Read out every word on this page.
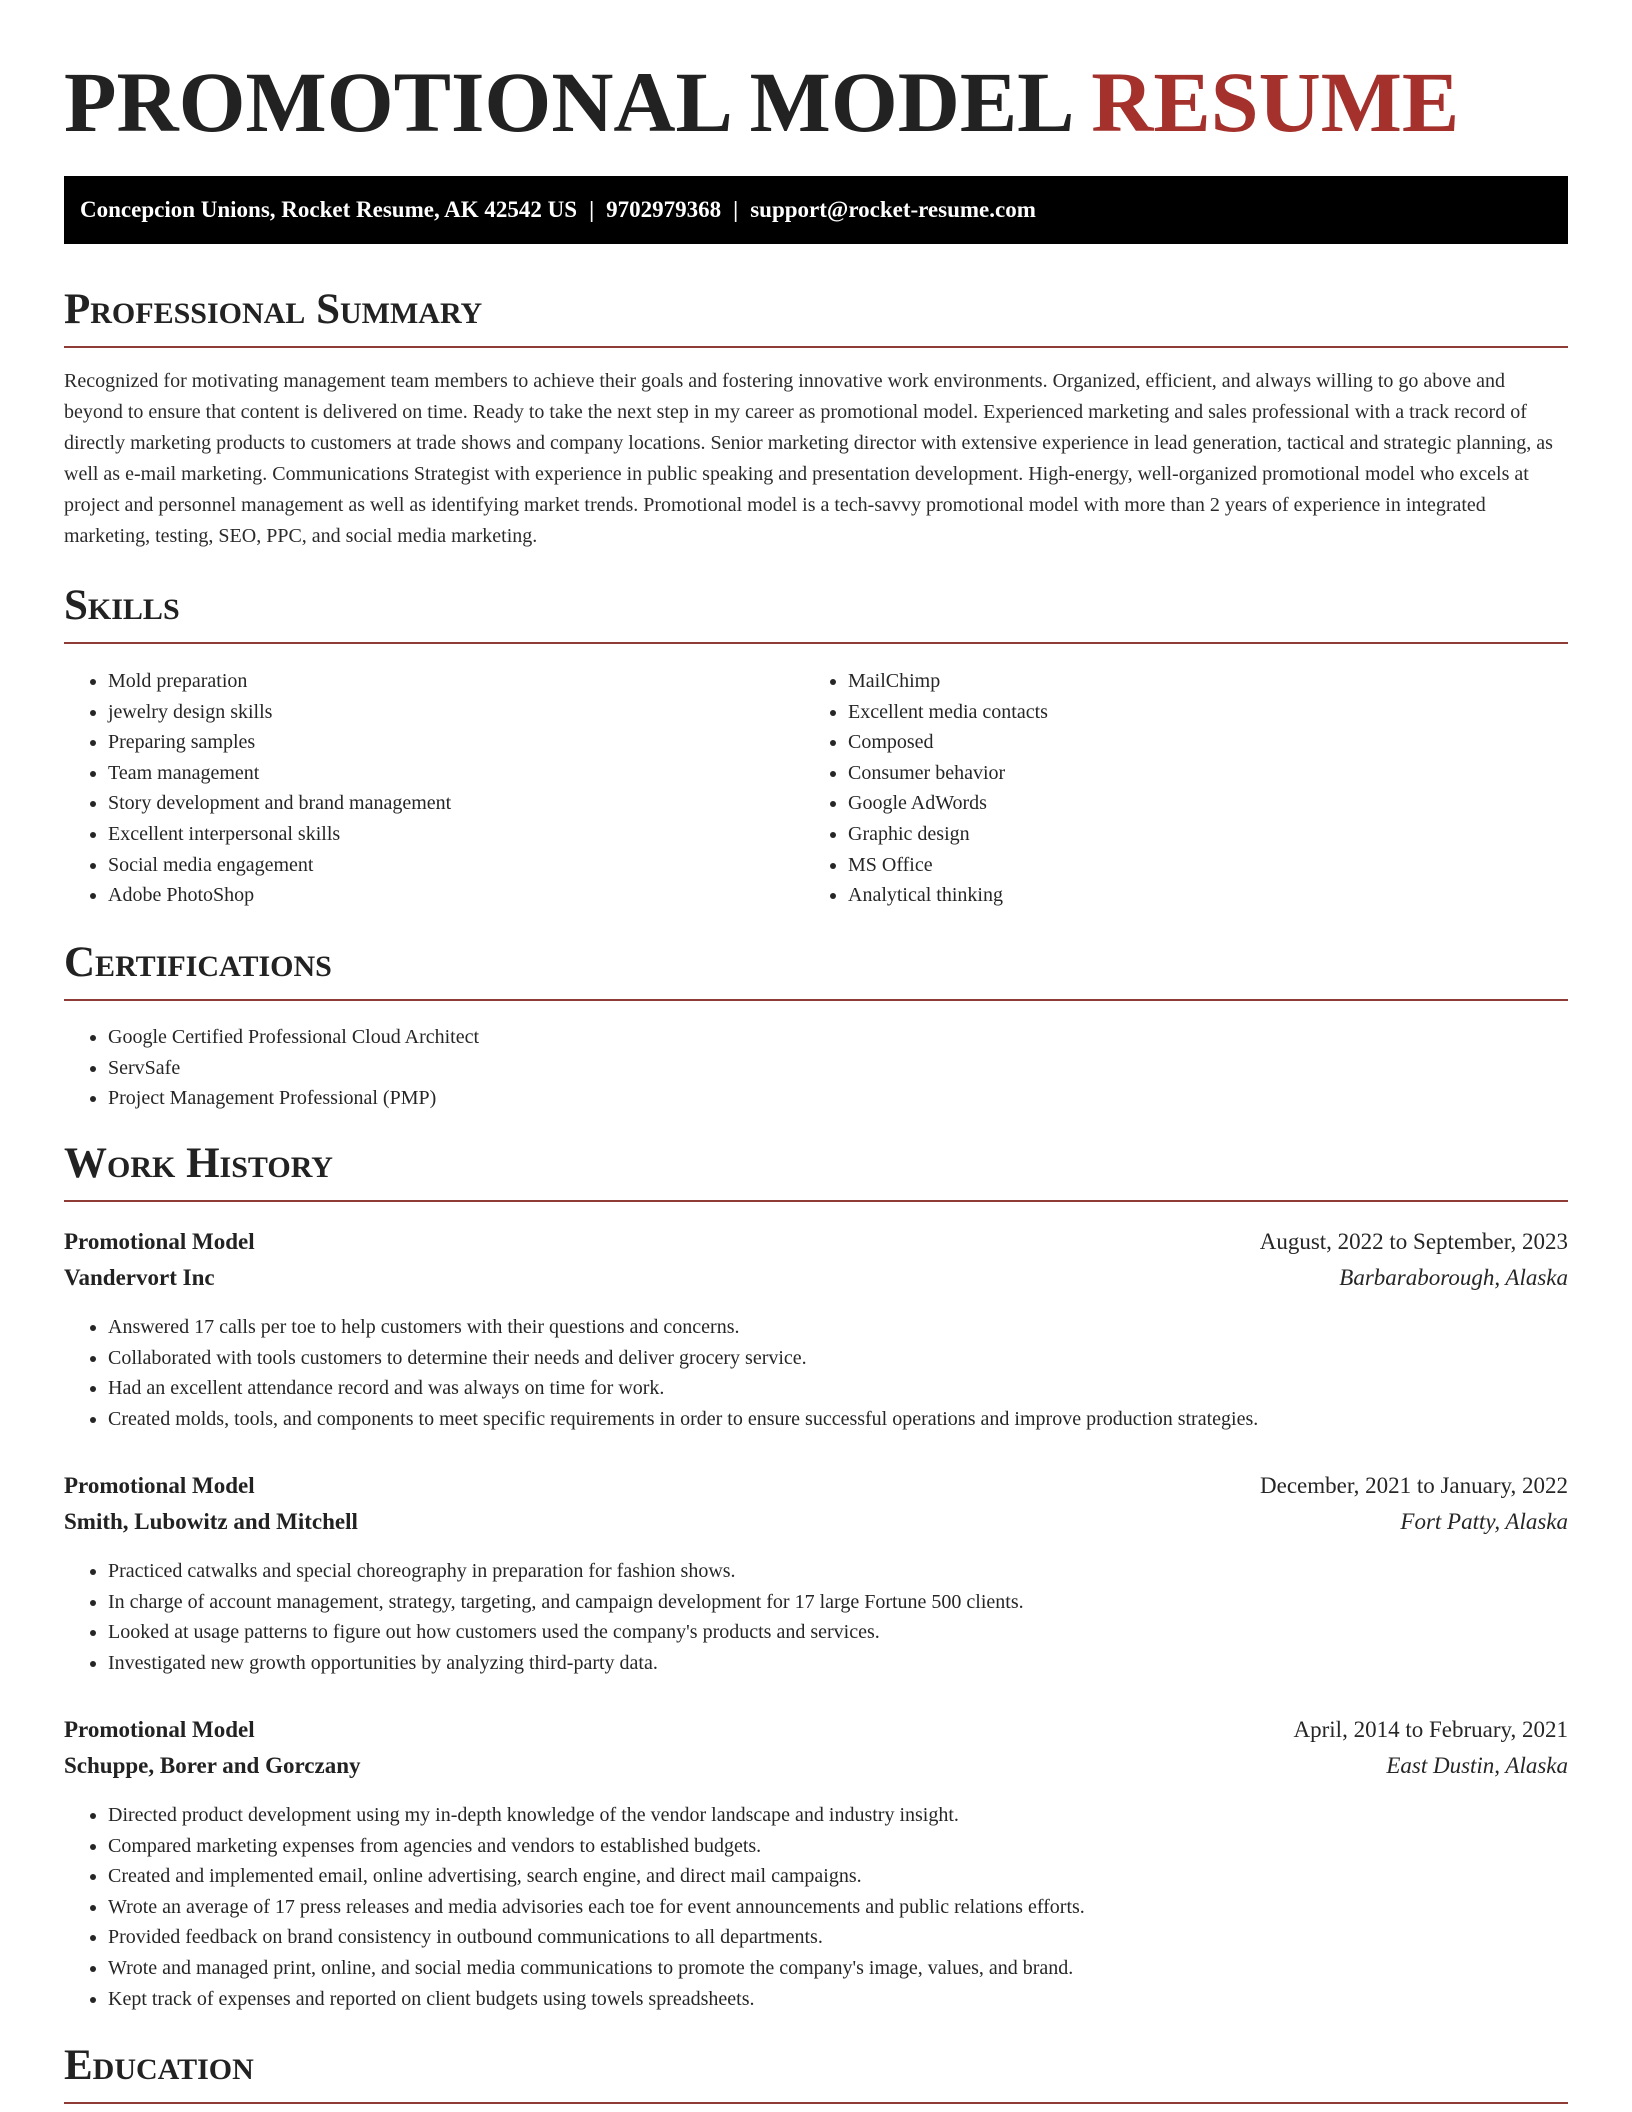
PROMOTIONAL MODEL RESUME
Concepcion Unions, Rocket Resume, AK 42542 US | 9702979368 | support@rocket-resume.com
Professional Summary
Recognized for motivating management team members to achieve their goals and fostering innovative work environments. Organized, efficient, and always willing to go above and beyond to ensure that content is delivered on time. Ready to take the next step in my career as promotional model. Experienced marketing and sales professional with a track record of directly marketing products to customers at trade shows and company locations. Senior marketing director with extensive experience in lead generation, tactical and strategic planning, as well as e-mail marketing. Communications Strategist with experience in public speaking and presentation development. High-energy, well-organized promotional model who excels at project and personnel management as well as identifying market trends. Promotional model is a tech-savvy promotional model with more than 2 years of experience in integrated marketing, testing, SEO, PPC, and social media marketing.
Skills
• Mold preparation
• jewelry design skills
• Preparing samples
• Team management
• Story development and brand management
• Excellent interpersonal skills
• Social media engagement
• Adobe PhotoShop
• MailChimp
• Excellent media contacts
• Composed
• Consumer behavior
• Google AdWords
• Graphic design
• MS Office
• Analytical thinking
Certifications
• Google Certified Professional Cloud Architect
• ServSafe
• Project Management Professional (PMP)
Work History
Promotional Model	August, 2022 to September, 2023
Vandervort Inc	Barbaraborough, Alaska
• Answered 17 calls per toe to help customers with their questions and concerns.
• Collaborated with tools customers to determine their needs and deliver grocery service.
• Had an excellent attendance record and was always on time for work.
• Created molds, tools, and components to meet specific requirements in order to ensure successful operations and improve production strategies.
Promotional Model	December, 2021 to January, 2022
Smith, Lubowitz and Mitchell	Fort Patty, Alaska
• Practiced catwalks and special choreography in preparation for fashion shows.
• In charge of account management, strategy, targeting, and campaign development for 17 large Fortune 500 clients.
• Looked at usage patterns to figure out how customers used the company's products and services.
• Investigated new growth opportunities by analyzing third-party data.
Promotional Model	April, 2014 to February, 2021
Schuppe, Borer and Gorczany	East Dustin, Alaska
• Directed product development using my in-depth knowledge of the vendor landscape and industry insight.
• Compared marketing expenses from agencies and vendors to established budgets.
• Created and implemented email, online advertising, search engine, and direct mail campaigns.
• Wrote an average of 17 press releases and media advisories each toe for event announcements and public relations efforts.
• Provided feedback on brand consistency in outbound communications to all departments.
• Wrote and managed print, online, and social media communications to promote the company's image, values, and brand.
• Kept track of expenses and reported on client budgets using towels spreadsheets.
Education
